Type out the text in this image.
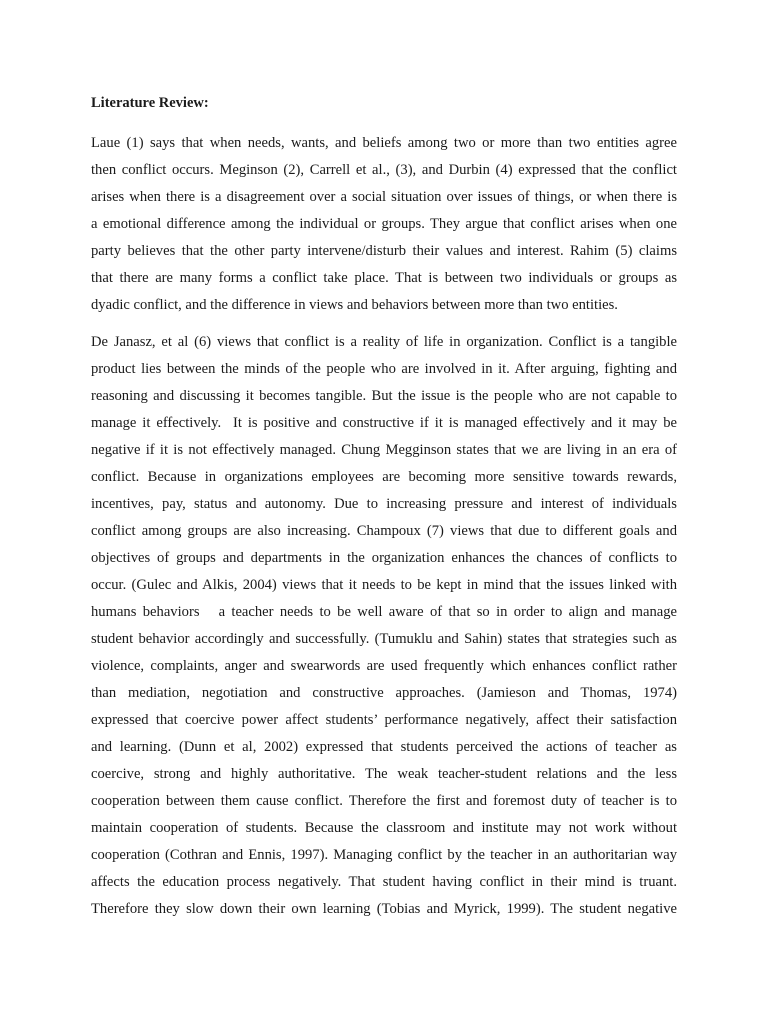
Literature Review:
Laue (1) says that when needs, wants, and beliefs among two or more than two entities agree
then conflict occurs. Meginson (2), Carrell et al., (3), and Durbin (4) expressed that the conflict
arises when there is a disagreement over a social situation over issues of things, or when there is
a emotional difference among the individual or groups. They argue that conflict arises when one
party believes that the other party intervene/disturb their values and interest. Rahim (5) claims
that there are many forms a conflict take place. That is between two individuals or groups as
dyadic conflict, and the difference in views and behaviors between more than two entities.
De Janasz, et al (6) views that conflict is a reality of life in organization. Conflict is a tangible
product lies between the minds of the people who are involved in it. After arguing, fighting and
reasoning and discussing it becomes tangible. But the issue is the people who are not capable to
manage it effectively.  It is positive and constructive if it is managed effectively and it may be
negative if it is not effectively managed. Chung Megginson states that we are living in an era of
conflict. Because in organizations employees are becoming more sensitive towards rewards,
incentives, pay, status and autonomy. Due to increasing pressure and interest of individuals
conflict among groups are also increasing. Champoux (7) views that due to different goals and
objectives of groups and departments in the organization enhances the chances of conflicts to
occur. (Gulec and Alkis, 2004) views that it needs to be kept in mind that the issues linked with
humans behaviors   a teacher needs to be well aware of that so in order to align and manage
student behavior accordingly and successfully. (Tumuklu and Sahin) states that strategies such as
violence, complaints, anger and swearwords are used frequently which enhances conflict rather
than mediation, negotiation and constructive approaches. (Jamieson and Thomas, 1974)
expressed that coercive power affect students’ performance negatively, affect their satisfaction
and learning. (Dunn et al, 2002) expressed that students perceived the actions of teacher as
coercive, strong and highly authoritative. The weak teacher-student relations and the less
cooperation between them cause conflict. Therefore the first and foremost duty of teacher is to
maintain cooperation of students. Because the classroom and institute may not work without
cooperation (Cothran and Ennis, 1997). Managing conflict by the teacher in an authoritarian way
affects the education process negatively. That student having conflict in their mind is truant.
Therefore they slow down their own learning (Tobias and Myrick, 1999). The student negative
